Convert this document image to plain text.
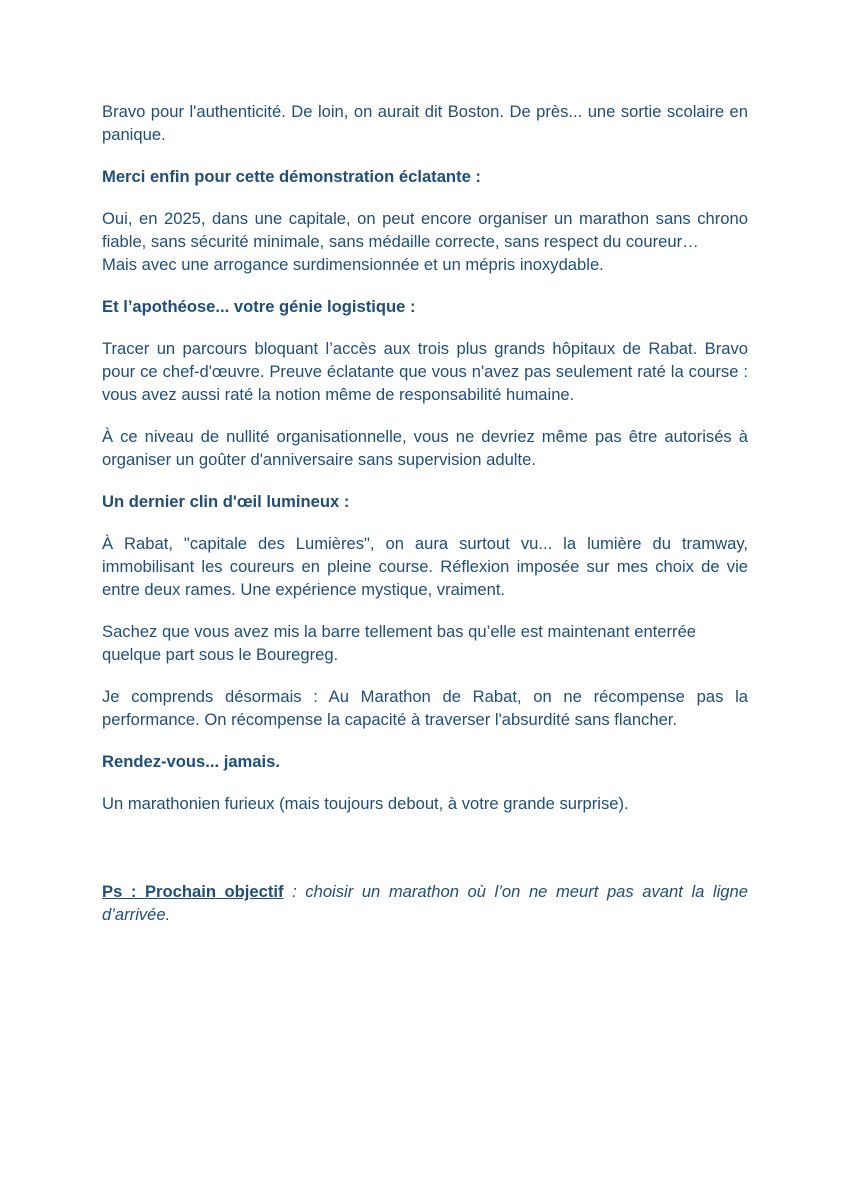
Bravo pour l'authenticité. De loin, on aurait dit Boston. De près... une sortie scolaire en panique.

Merci enfin pour cette démonstration éclatante :

Oui, en 2025, dans une capitale, on peut encore organiser un marathon sans chrono fiable, sans sécurité minimale, sans médaille correcte, sans respect du coureur…
Mais avec une arrogance surdimensionnée et un mépris inoxydable.

Et l’apothéose... votre génie logistique :

Tracer un parcours bloquant l’accès aux trois plus grands hôpitaux de Rabat. Bravo pour ce chef-d'œuvre. Preuve éclatante que vous n'avez pas seulement raté la course : vous avez aussi raté la notion même de responsabilité humaine.

À ce niveau de nullité organisationnelle, vous ne devriez même pas être autorisés à organiser un goûter d'anniversaire sans supervision adulte.

Un dernier clin d'œil lumineux :

À Rabat, "capitale des Lumières", on aura surtout vu... la lumière du tramway, immobilisant les coureurs en pleine course. Réflexion imposée sur mes choix de vie entre deux rames. Une expérience mystique, vraiment.

Sachez que vous avez mis la barre tellement bas qu’elle est maintenant enterrée quelque part sous le Bouregreg.

Je comprends désormais : Au Marathon de Rabat, on ne récompense pas la performance. On récompense la capacité à traverser l'absurdité sans flancher.

Rendez-vous... jamais.

Un marathonien furieux (mais toujours debout, à votre grande surprise).

Ps : Prochain objectif : choisir un marathon où l’on ne meurt pas avant la ligne d’arrivée.
